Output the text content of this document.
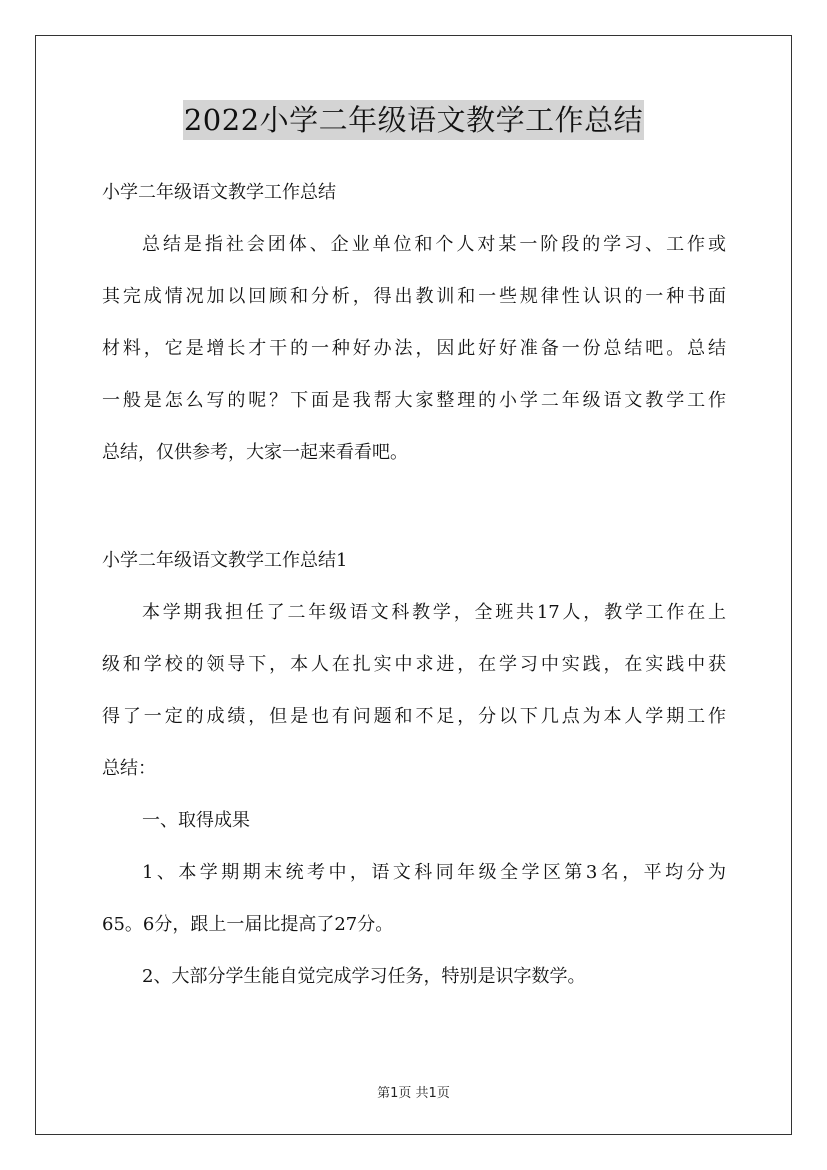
2022小学二年级语文教学工作总结

小学二年级语文教学工作总结

总结是指社会团体、企业单位和个人对某一阶段的学习、工作或

其完成情况加以回顾和分析，得出教训和一些规律性认识的一种书面

材料，它是增长才干的一种好办法，因此好好准备一份总结吧。总结

一般是怎么写的呢？下面是我帮大家整理的小学二年级语文教学工作

总结，仅供参考，大家一起来看看吧。

小学二年级语文教学工作总结1

本学期我担任了二年级语文科教学，全班共17人，教学工作在上

级和学校的领导下，本人在扎实中求进，在学习中实践，在实践中获

得了一定的成绩，但是也有问题和不足，分以下几点为本人学期工作

总结：

一、取得成果

1、本学期期末统考中，语文科同年级全学区第3名，平均分为

65。6分，跟上一届比提高了27分。

2、大部分学生能自觉完成学习任务，特别是识字数学。

第1页 共1页
